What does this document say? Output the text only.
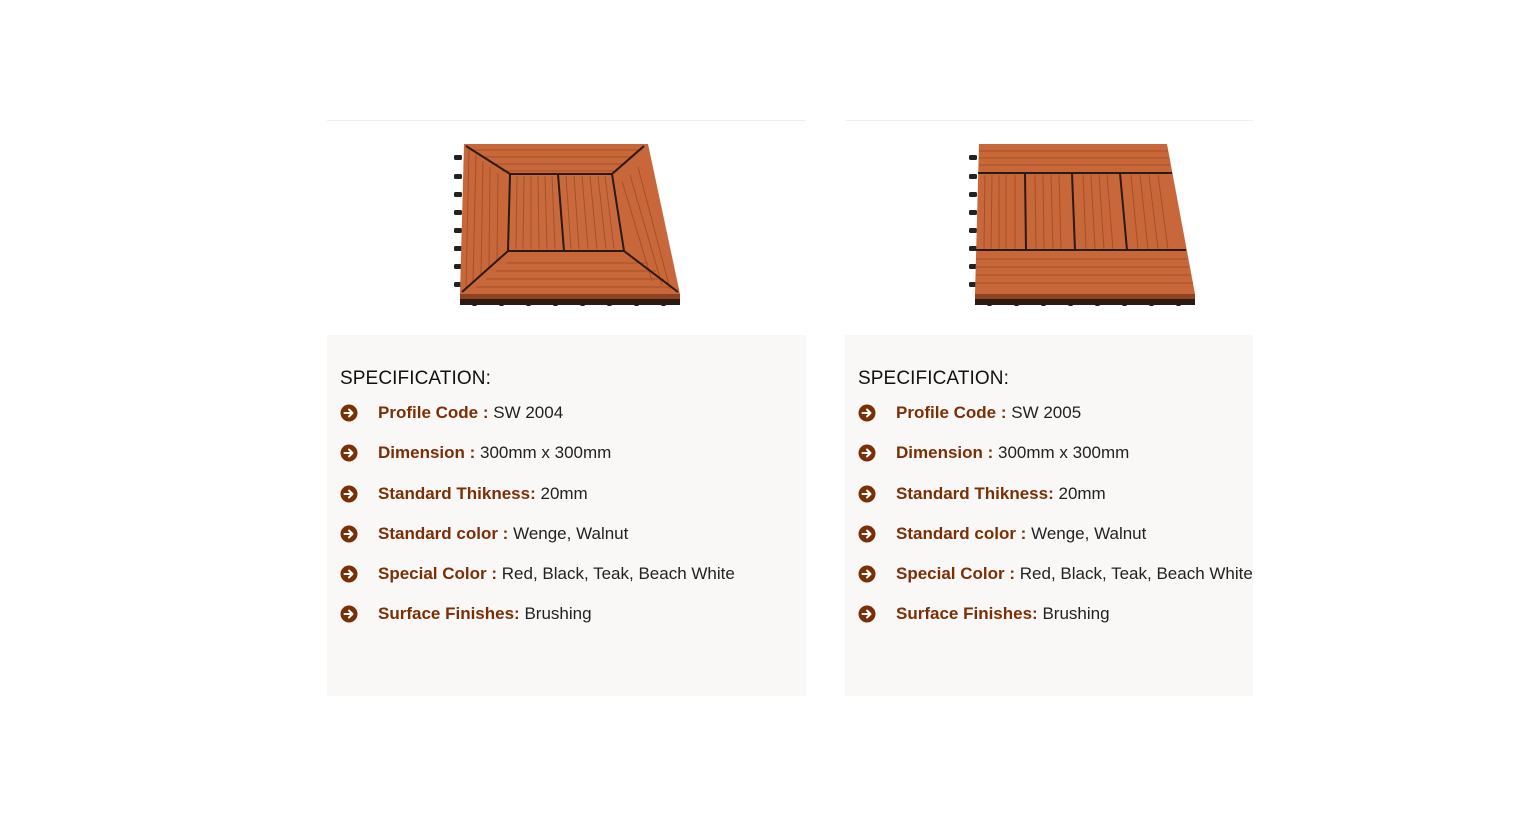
SPECIFICATION:
Profile Code : SW 2004
Dimension : 300mm x 300mm
Standard Thikness: 20mm
Standard color : Wenge, Walnut
Special Color : Red, Black, Teak, Beach White
Surface Finishes: Brushing
SPECIFICATION:
Profile Code : SW 2005
Dimension : 300mm x 300mm
Standard Thikness: 20mm
Standard color : Wenge, Walnut
Special Color : Red, Black, Teak, Beach White
Surface Finishes: Brushing
